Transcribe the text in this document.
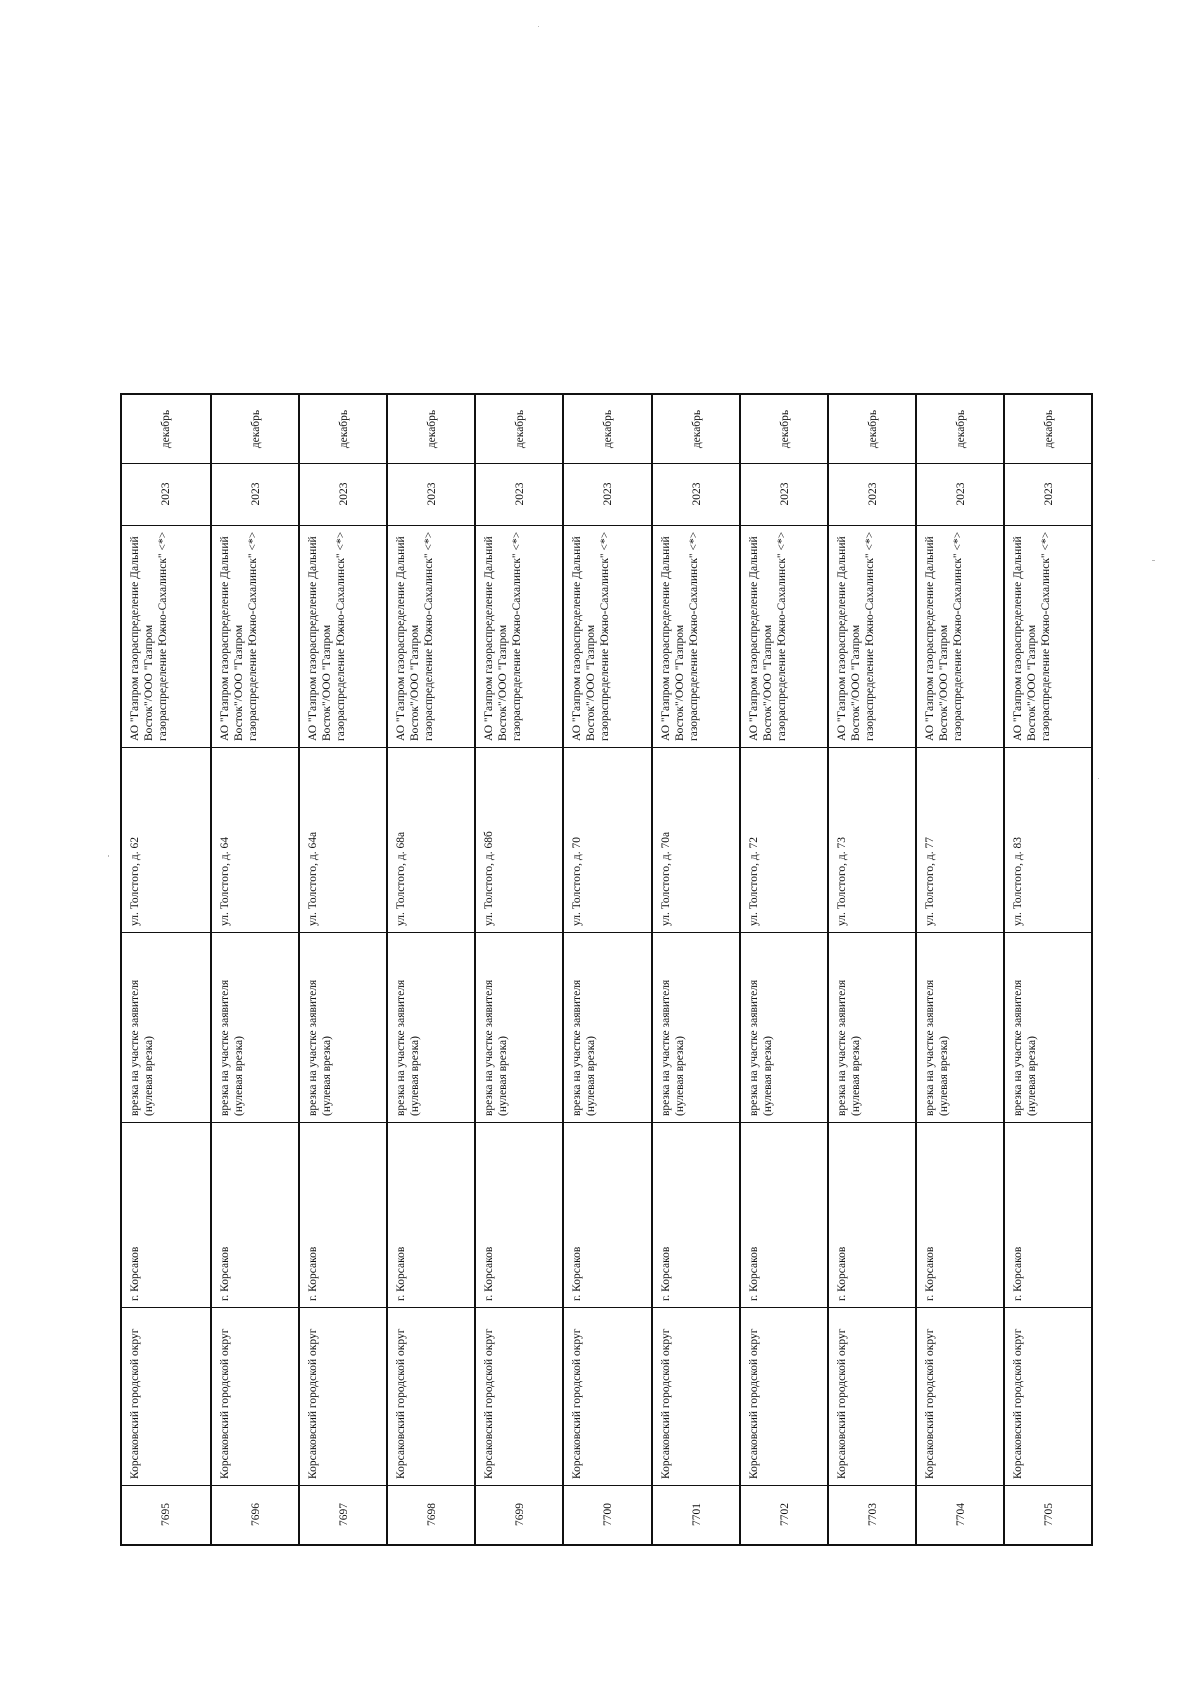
декабрь
2023
АО "Газпром газораспределение Дальний Восток"/ООО "Газпром газораспределение Южно-Сахалинск" <*>
ул. Толстого, д. 62
врезка на участке заявителя (нулевая врезка)
г. Корсаков
Корсаковский городской округ
7695
декабрь
2023
АО "Газпром газораспределение Дальний Восток"/ООО "Газпром газораспределение Южно-Сахалинск" <*>
ул. Толстого, д. 64
врезка на участке заявителя (нулевая врезка)
г. Корсаков
Корсаковский городской округ
7696
декабрь
2023
АО "Газпром газораспределение Дальний Восток"/ООО "Газпром газораспределение Южно-Сахалинск" <*>
ул. Толстого, д. 64а
врезка на участке заявителя (нулевая врезка)
г. Корсаков
Корсаковский городской округ
7697
декабрь
2023
АО "Газпром газораспределение Дальний Восток"/ООО "Газпром газораспределение Южно-Сахалинск" <*>
ул. Толстого, д. 68а
врезка на участке заявителя (нулевая врезка)
г. Корсаков
Корсаковский городской округ
7698
декабрь
2023
АО "Газпром газораспределение Дальний Восток"/ООО "Газпром газораспределение Южно-Сахалинск" <*>
ул. Толстого, д. 68б
врезка на участке заявителя (нулевая врезка)
г. Корсаков
Корсаковский городской округ
7699
декабрь
2023
АО "Газпром газораспределение Дальний Восток"/ООО "Газпром газораспределение Южно-Сахалинск" <*>
ул. Толстого, д. 70
врезка на участке заявителя (нулевая врезка)
г. Корсаков
Корсаковский городской округ
7700
декабрь
2023
АО "Газпром газораспределение Дальний Восток"/ООО "Газпром газораспределение Южно-Сахалинск" <*>
ул. Толстого, д. 70а
врезка на участке заявителя (нулевая врезка)
г. Корсаков
Корсаковский городской округ
7701
декабрь
2023
АО "Газпром газораспределение Дальний Восток"/ООО "Газпром газораспределение Южно-Сахалинск" <*>
ул. Толстого, д. 72
врезка на участке заявителя (нулевая врезка)
г. Корсаков
Корсаковский городской округ
7702
декабрь
2023
АО "Газпром газораспределение Дальний Восток"/ООО "Газпром газораспределение Южно-Сахалинск" <*>
ул. Толстого, д. 73
врезка на участке заявителя (нулевая врезка)
г. Корсаков
Корсаковский городской округ
7703
декабрь
2023
АО "Газпром газораспределение Дальний Восток"/ООО "Газпром газораспределение Южно-Сахалинск" <*>
ул. Толстого, д. 77
врезка на участке заявителя (нулевая врезка)
г. Корсаков
Корсаковский городской округ
7704
декабрь
2023
АО "Газпром газораспределение Дальний Восток"/ООО "Газпром газораспределение Южно-Сахалинск" <*>
ул. Толстого, д. 83
врезка на участке заявителя (нулевая врезка)
г. Корсаков
Корсаковский городской округ
7705
